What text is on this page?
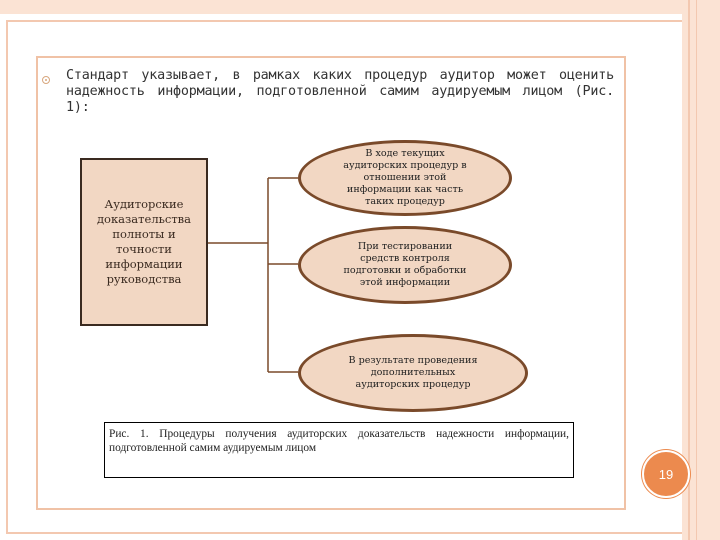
Стандарт указывает, в рамках каких процедур аудитор может оценить надежность информации, подготовленной самим аудируемым лицом (Рис. 1):
Аудиторские
доказательства
полноты и
точности
информации
руководства
В ходе текущих
аудиторских процедур в
отношении этой
информации как часть
таких процедур
При тестировании
средств контроля
подготовки и обработки
этой информации
В результате проведения
дополнительных
аудиторских процедур
Рис. 1. Процедуры получения аудиторских доказательств надежности информации, подготовленной самим аудируемым лицом
19
